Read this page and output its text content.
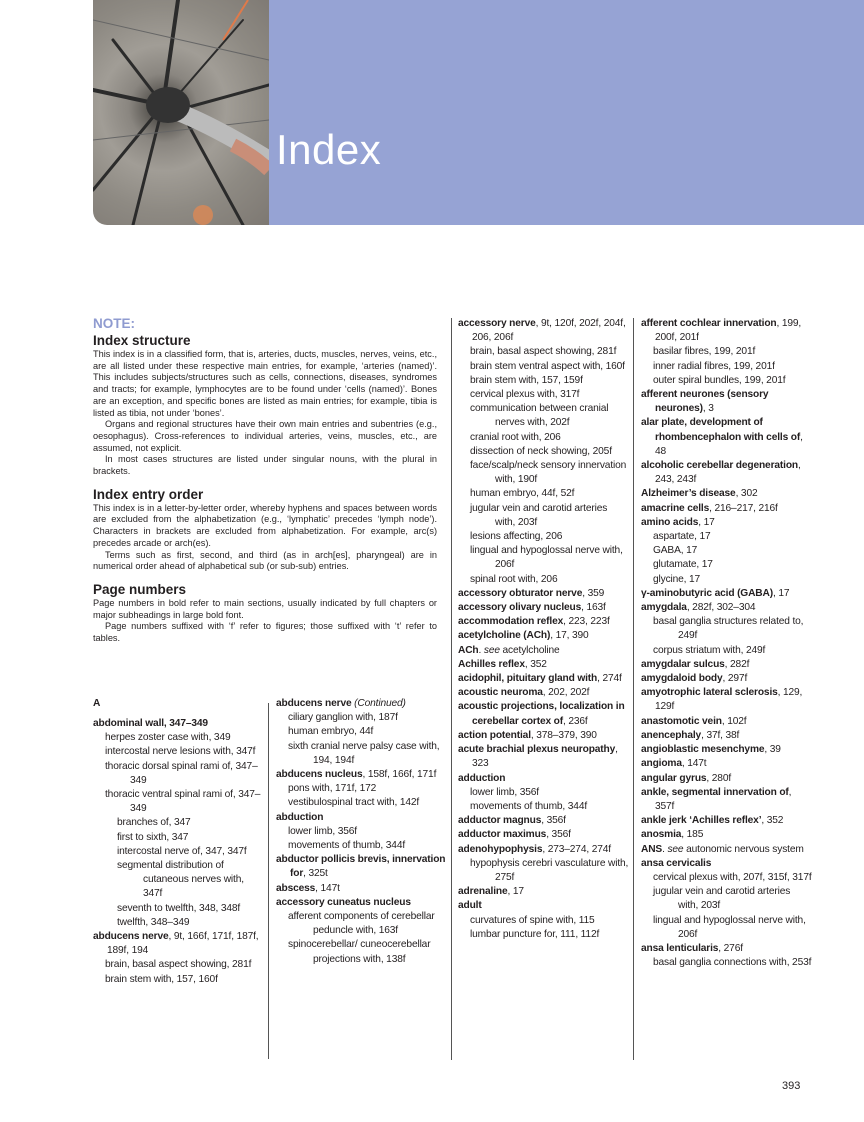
Index
NOTE:
Index structure

This index is in a classified form, that is, arteries, ducts, muscles, nerves, veins, etc., are all listed under these respective main entries, for example, ‘arteries (named)’. This includes subjects/structures such as cells, connections, diseases, syndromes and tracts; for example, lymphocytes are to be found under ‘cells (named)’. Bones are an exception, and specific bones are listed as main entries; for example, tibia is listed as tibia, not under ‘bones’.

Organs and regional structures have their own main entries and subentries (e.g., oesophagus). Cross-references to individual arteries, veins, muscles, etc., are assumed, not explicit.

In most cases structures are listed under singular nouns, with the plural in brackets.

Index entry order

This index is in a letter-by-letter order, whereby hyphens and spaces between words are excluded from the alphabetization (e.g., ‘lymphatic’ precedes ‘lymph node’). Characters in brackets are excluded from alphabetization. For example, arc(s) precedes arcade or arch(es).

Terms such as first, second, and third (as in arch[es], pharyngeal) are in numerical order ahead of alphabetical sub (or sub-sub) entries.

Page numbers

Page numbers in bold refer to main sections, usually indicated by full chapters or major subheadings in large bold font.

Page numbers suffixed with ‘f’ refer to figures; those suffixed with ‘t’ refer to tables.

A
abdominal wall, 347–349
herpes zoster case with, 349
intercostal nerve lesions with, 347f
thoracic dorsal spinal rami of, 347–349
thoracic ventral spinal rami of, 347–349
branches of, 347
first to sixth, 347
intercostal nerve of, 347, 347f
segmental distribution of cutaneous nerves with, 347f
seventh to twelfth, 348, 348f
twelfth, 348–349
abducens nerve, 9t, 166f, 171f, 187f, 189f, 194
brain, basal aspect showing, 281f
brain stem with, 157, 160f
abducens nerve (Continued)
ciliary ganglion with, 187f
human embryo, 44f
sixth cranial nerve palsy case with, 194, 194f
abducens nucleus, 158f, 166f, 171f
pons with, 171f, 172
vestibulospinal tract with, 142f
abduction
lower limb, 356f
movements of thumb, 344f
abductor pollicis brevis, innervation for, 325t
abscess, 147t
accessory cuneatus nucleus
afferent components of cerebellar peduncle with, 163f
spinocerebellar/ cuneocerebellar projections with, 138f
accessory nerve, 9t, 120f, 202f, 204f, 206, 206f
brain, basal aspect showing, 281f
brain stem ventral aspect with, 160f
brain stem with, 157, 159f
cervical plexus with, 317f
communication between cranial nerves with, 202f
cranial root with, 206
dissection of neck showing, 205f
face/scalp/neck sensory innervation with, 190f
human embryo, 44f, 52f
jugular vein and carotid arteries with, 203f
lesions affecting, 206
lingual and hypoglossal nerve with, 206f
spinal root with, 206
accessory obturator nerve, 359
accessory olivary nucleus, 163f
accommodation reflex, 223, 223f
acetylcholine (ACh), 17, 390
ACh. see acetylcholine
Achilles reflex, 352
acidophil, pituitary gland with, 274f
acoustic neuroma, 202, 202f
acoustic projections, localization in cerebellar cortex of, 236f
action potential, 378–379, 390
acute brachial plexus neuropathy, 323
adduction
lower limb, 356f
movements of thumb, 344f
adductor magnus, 356f
adductor maximus, 356f
adenohypophysis, 273–274, 274f
hypophysis cerebri vasculature with, 275f
adrenaline, 17
adult
curvatures of spine with, 115
lumbar puncture for, 111, 112f
afferent cochlear innervation, 199, 200f, 201f
basilar fibres, 199, 201f
inner radial fibres, 199, 201f
outer spiral bundles, 199, 201f
afferent neurones (sensory neurones), 3
alar plate, development of rhombencephalon with cells of, 48
alcoholic cerebellar degeneration, 243, 243f
Alzheimer’s disease, 302
amacrine cells, 216–217, 216f
amino acids, 17
aspartate, 17
GABA, 17
glutamate, 17
glycine, 17
γ-aminobutyric acid (GABA), 17
amygdala, 282f, 302–304
basal ganglia structures related to, 249f
corpus striatum with, 249f
amygdalar sulcus, 282f
amygdaloid body, 297f
amyotrophic lateral sclerosis, 129, 129f
anastomotic vein, 102f
anencephaly, 37f, 38f
angioblastic mesenchyme, 39
angioma, 147t
angular gyrus, 280f
ankle, segmental innervation of, 357f
ankle jerk ‘Achilles reflex’, 352
anosmia, 185
ANS. see autonomic nervous system
ansa cervicalis
cervical plexus with, 207f, 315f, 317f
jugular vein and carotid arteries with, 203f
lingual and hypoglossal nerve with, 206f
ansa lenticularis, 276f
basal ganglia connections with, 253f
393
